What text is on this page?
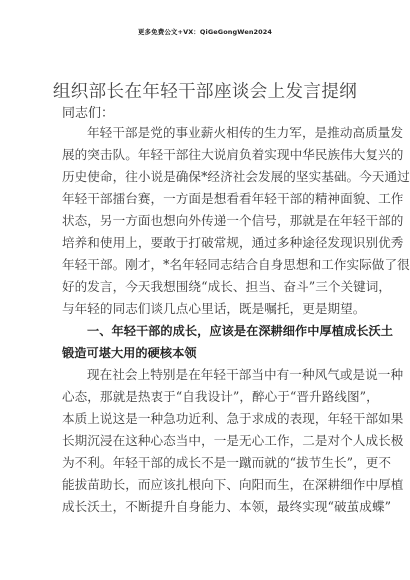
更多免费公文+VX：QiGeGongWen2024
组织部长在年轻干部座谈会上发言提纲
同志们：
年轻干部是党的事业薪火相传的生力军，是推动高质量发
展的突击队。年轻干部往大说肩负着实现中华民族伟大复兴的
历史使命，往小说是确保*经济社会发展的坚实基础。今天通过
年轻干部擂台赛，一方面是想看看年轻干部的精神面貌、工作
状态，另一方面也想向外传递一个信号，那就是在年轻干部的
培养和使用上，要敢于打破常规，通过多种途径发现识别优秀
年轻干部。刚才，*名年轻同志结合自身思想和工作实际做了很
好的发言，今天我想围绕“成长、担当、奋斗”三个关键词，
与年轻的同志们谈几点心里话，既是嘱托，更是期望。
一、年轻干部的成长，应该是在深耕细作中厚植成长沃土
锻造可堪大用的硬核本领
现在社会上特别是在年轻干部当中有一种风气或是说一种
心态，那就是热衷于“自我设计”，醉心于“晋升路线图”，
本质上说这是一种急功近利、急于求成的表现，年轻干部如果
长期沉浸在这种心态当中，一是无心工作，二是对个人成长极
为不利。年轻干部的成长不是一蹴而就的“拔节生长”，更不
能拔苗助长，而应该扎根向下、向阳而生，在深耕细作中厚植
成长沃土，不断提升自身能力、本领，最终实现“破茧成蝶”
